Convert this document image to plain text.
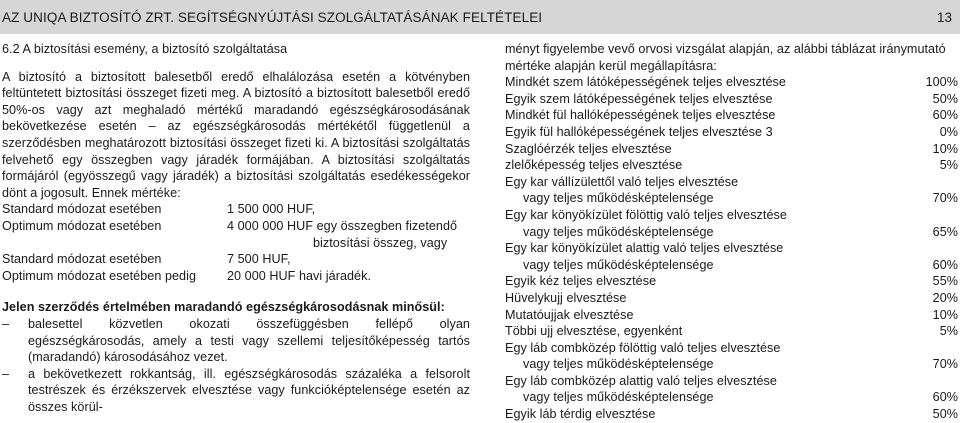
AZ UNIQA BIZTOSÍTÓ ZRT. SEGÍTSÉGNYÚJTÁSI SZOLGÁLTATÁSÁNAK FELTÉTELEI	13

6.2 A biztosítási esemény, a biztosító szolgáltatása

A biztosító a biztosított balesetből eredő elhalálozása esetén a kötvényben feltüntetett biztosítási összeget fizeti meg. A biztosító a biztosított balesetből eredő 50%-os vagy azt meghaladó mértékű maradandó egészségkárosodásának bekövetkezése esetén – az egészségkárosodás mértékétől függetlenül a szerződésben meghatározott biztosítási összeget fizeti ki. A biztosítási szolgáltatás felvehető egy összegben vagy járadék formájában. A biztosítási szolgáltatás formájáról (egyösszegű vagy járadék) a biztosítási szolgáltatás esedékességekor dönt a jogosult. Ennek mértéke:

Standard módozat esetében	1 500 000 HUF,
Optimum módozat esetében	4 000 000 HUF egy összegben fizetendő
biztosítási összeg, vagy
Standard módozat esetében	7 500 HUF,
Optimum módozat esetében pedig	20 000 HUF havi járadék.

Jelen szerződés értelmében maradandó egészségkárosodásnak minősül:

–	balesettel közvetlen okozati összefüggésben fellépő olyan egészségkárosodás, amely a testi vagy szellemi teljesítőképesség tartós (maradandó) károsodásához vezet.
–	a bekövetkezett rokkantság, ill. egészségkárosodás százaléka a felsorolt testrészek és érzékszervek elvesztése vagy funkcióképtelensége esetén az összes körül-

ményt figyelembe vevő orvosi vizsgálat alapján, az alábbi táblázat iránymutató mértéke alapján kerül megállapításra:

Mindkét szem látóképességének teljes elvesztése	100%
Egyik szem látóképességének teljes elvesztése	50%
Mindkét fül hallóképességének teljes elvesztése	60%
Egyik fül hallóképességének teljes elvesztése 3	0%
Szaglóérzék teljes elvesztése	10%
zlelőképesség teljes elvesztése	5%
Egy kar vállízülettől való teljes elvesztése
vagy teljes működésképtelensége	70%
Egy kar könyökízület fölöttig való teljes elvesztése
vagy teljes működésképtelensége	65%
Egy kar könyökízület alattig való teljes elvesztése
vagy teljes működésképtelensége	60%
Egyik kéz teljes elvesztése	55%
Hüvelykujj elvesztése	20%
Mutatóujjak elvesztése	10%
Többi ujj elvesztése, egyenként	5%
Egy láb combközép fölöttig való teljes elvesztése
vagy teljes működésképtelensége	70%
Egy láb combközép alattig való teljes elvesztése
vagy teljes működésképtelensége	60%
Egyik láb térdig elvesztése	50%
